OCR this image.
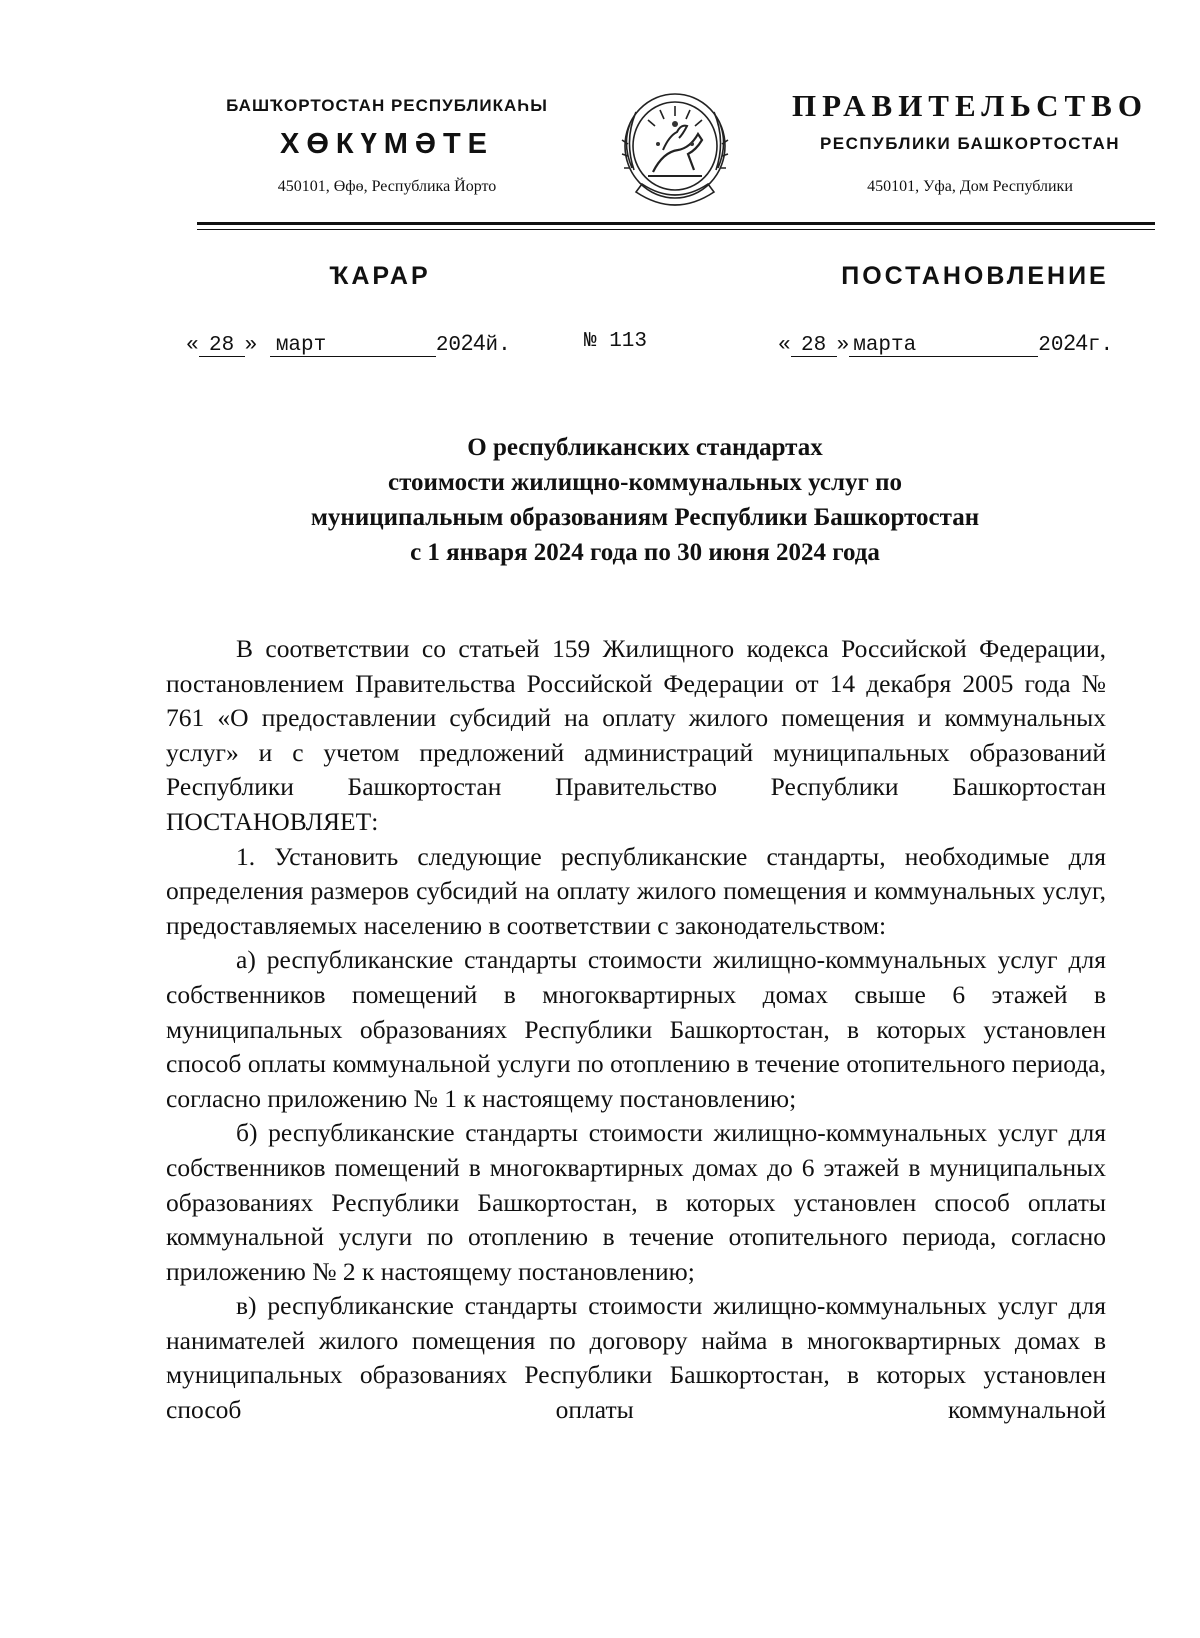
БАШҠОРТОСТАН РЕСПУБЛИКАҺЫ
ХӨКҮМӘТЕ
450101, Өфө, Республика Йорто
ПРАВИТЕЛЬСТВО
РЕСПУБЛИКИ БАШКОРТОСТАН
450101, Уфа, Дом Республики
ҠАРАР	ПОСТАНОВЛЕНИЕ
« 28 » март	2024й.	№ 113	« 28 » марта	2024г.
О республиканских стандартах
стоимости жилищно-коммунальных услуг по
муниципальным образованиям Республики Башкортостан
с 1 января 2024 года по 30 июня 2024 года

В соответствии со статьей 159 Жилищного кодекса Российской Федерации, постановлением Правительства Российской Федерации от 14 декабря 2005 года № 761 «О предоставлении субсидий на оплату жилого помещения и коммунальных услуг» и с учетом предложений администраций муниципальных образований Республики Башкортостан Правительство Республики Башкортостан ПОСТАНОВЛЯЕТ:

1. Установить следующие республиканские стандарты, необходимые для определения размеров субсидий на оплату жилого помещения и коммунальных услуг, предоставляемых населению в соответствии с законодательством:

а) республиканские стандарты стоимости жилищно-коммунальных услуг для собственников помещений в многоквартирных домах свыше 6 этажей в муниципальных образованиях Республики Башкортостан, в которых установлен способ оплаты коммунальной услуги по отоплению в течение отопительного периода, согласно приложению № 1 к настоящему постановлению;

б) республиканские стандарты стоимости жилищно-коммунальных услуг для собственников помещений в многоквартирных домах до 6 этажей в муниципальных образованиях Республики Башкортостан, в которых установлен способ оплаты коммунальной услуги по отоплению в течение отопительного периода, согласно приложению № 2 к настоящему постановлению;

в) республиканские стандарты стоимости жилищно-коммунальных услуг для нанимателей жилого помещения по договору найма в многоквартирных домах в муниципальных образованиях Республики Башкортостан, в которых установлен способ оплаты коммунальной
